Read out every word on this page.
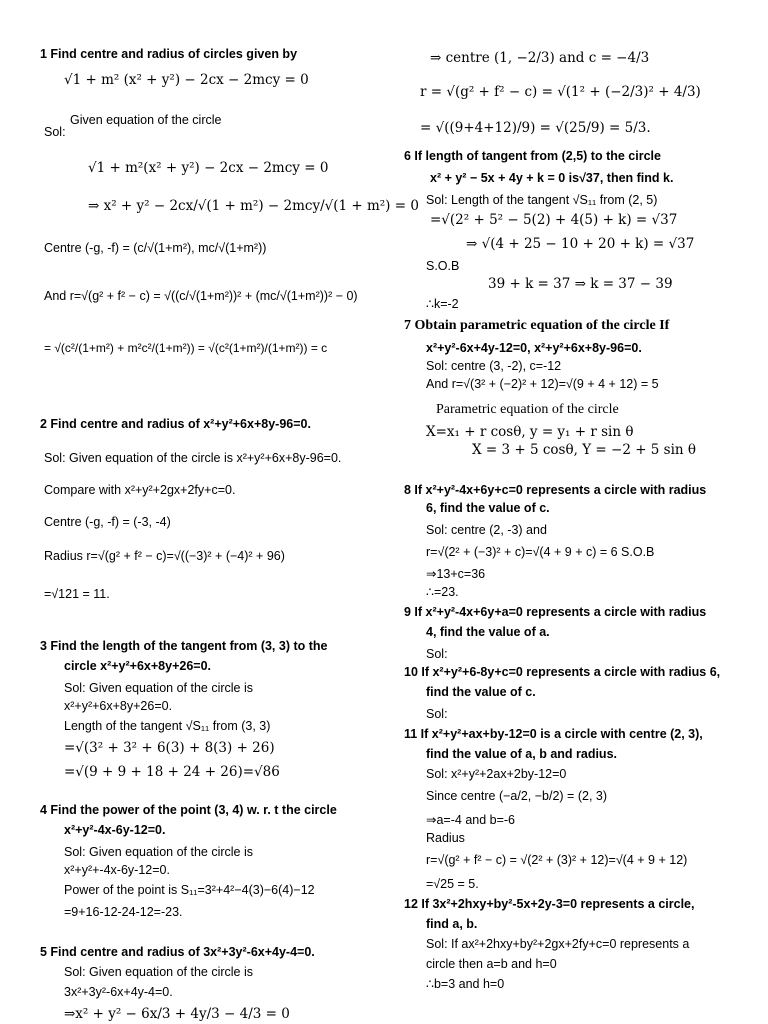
1 Find centre and radius of circles given by
√1 + m² (x² + y²) − 2cx − 2mcy = 0
Given equation of the circle
Sol:
√1 + m²(x² + y²) − 2cx − 2mcy = 0
⇒ x² + y² − 2cx/√(1 + m²) − 2mcy/√(1 + m²) = 0
Centre (-g, -f) = (c/√(1+m²), mc/√(1+m²))
And r=√(g² + f² − c) = √((c/√(1+m²))² + (mc/√(1+m²))² − 0)
= √(c²/(1+m²) + m²c²/(1+m²)) = √(c²(1+m²)/(1+m²)) = c
2 Find centre and radius of x²+y²+6x+8y-96=0.
Sol: Given equation of the circle is x²+y²+6x+8y-96=0.
Compare with x²+y²+2gx+2fy+c=0.
Centre (-g, -f) = (-3, -4)
Radius r=√(g² + f² − c)=√((−3)² + (−4)² + 96)
=√121 = 11.
3 Find the length of the tangent from (3, 3) to the
circle x²+y²+6x+8y+26=0.
Sol: Given equation of the circle is
x²+y²+6x+8y+26=0.
Length of the tangent √S₁₁ from (3, 3)
=√(3² + 3² + 6(3) + 8(3) + 26)
=√(9 + 9 + 18 + 24 + 26)=√86
4 Find the power of the point (3, 4) w. r. t the circle
x²+y²-4x-6y-12=0.
Sol: Given equation of the circle is
x²+y²+-4x-6y-12=0.
Power of the point is S₁₁=3²+4²−4(3)−6(4)−12
=9+16-12-24-12=-23.
5 Find centre and radius of 3x²+3y²-6x+4y-4=0.
Sol: Given equation of the circle is
3x²+3y²-6x+4y-4=0.
⇒x² + y² − 6x/3 + 4y/3 − 4/3 = 0
⇒ centre (1, −2/3) and c = −4/3
r = √(g² + f² − c) = √(1² + (−2/3)² + 4/3)
= √((9+4+12)/9) = √(25/9) = 5/3.
6 If length of tangent from (2,5) to the circle
x² + y² − 5x + 4y + k = 0 is√37, then find k.
Sol: Length of the tangent √S₁₁ from (2, 5)
=√(2² + 5² − 5(2) + 4(5) + k) = √37
⇒ √(4 + 25 − 10 + 20 + k) = √37
S.O.B
39 + k = 37 ⇒ k = 37 − 39
∴k=-2
7 Obtain parametric equation of the circle If
x²+y²-6x+4y-12=0, x²+y²+6x+8y-96=0.
Sol: centre (3, -2), c=-12
And r=√(3² + (−2)² + 12)=√(9 + 4 + 12) = 5
Parametric equation of the circle
X=x₁ + r cosθ, y = y₁ + r sin θ
X = 3 + 5 cosθ, Y = −2 + 5 sin θ
8 If x²+y²-4x+6y+c=0 represents a circle with radius
6, find the value of c.
Sol: centre (2, -3) and
r=√(2² + (−3)² + c)=√(4 + 9 + c) = 6 S.O.B
⇒13+c=36
∴=23.
9 If x²+y²-4x+6y+a=0 represents a circle with radius
4, find the value of a.
Sol:
10 If x²+y²+6-8y+c=0 represents a circle with radius 6,
find the value of c.
Sol:
11 If x²+y²+ax+by-12=0 is a circle with centre (2, 3),
find the value of a, b and radius.
Sol: x²+y²+2ax+2by-12=0
Since centre (−a/2, −b/2) = (2, 3)
⇒a=-4 and b=-6
Radius
r=√(g² + f² − c) = √(2² + (3)² + 12)=√(4 + 9 + 12)
=√25 = 5.
12 If 3x²+2hxy+by²-5x+2y-3=0 represents a circle,
find a, b.
Sol: If ax²+2hxy+by²+2gx+2fy+c=0 represents a
circle then a=b and h=0
∴b=3 and h=0
